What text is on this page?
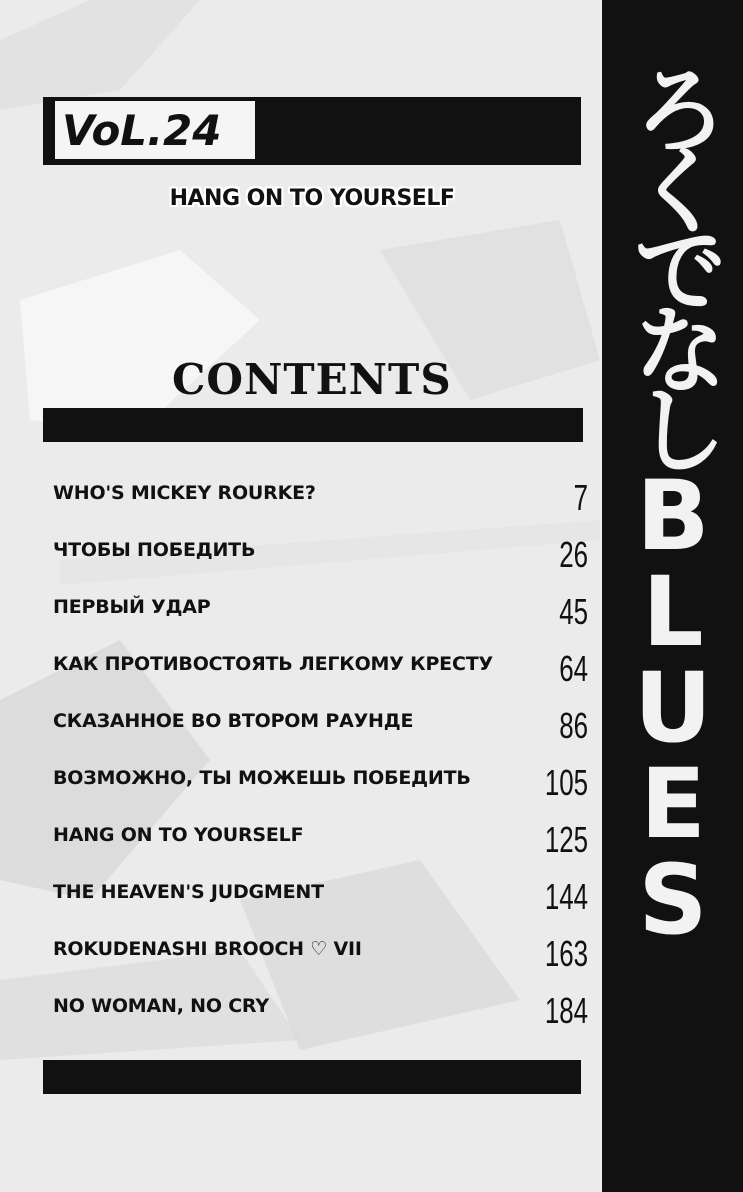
ろくでなしBLUES
VoL.24
HANG ON TO YOURSELF
CONTENTS
WHO'S MICKEY ROURKE?	7
ЧТОБЫ ПОБЕДИТЬ	26
ПЕРВЫЙ УДАР	45
КАК ПРОТИВОСТОЯТЬ ЛЕГКОМУ КРЕСТУ 64
СКАЗАННОЕ ВО ВТОРОМ РАУНДЕ	86
ВОЗМОЖНО, ТЫ МОЖЕШЬ ПОБЕДИТЬ 105
HANG ON TO YOURSELF	125
THE HEAVEN'S JUDGMENT	144
ROKUDENASHI BROOCH ♡ VII	163
NO WOMAN, NO CRY	184
